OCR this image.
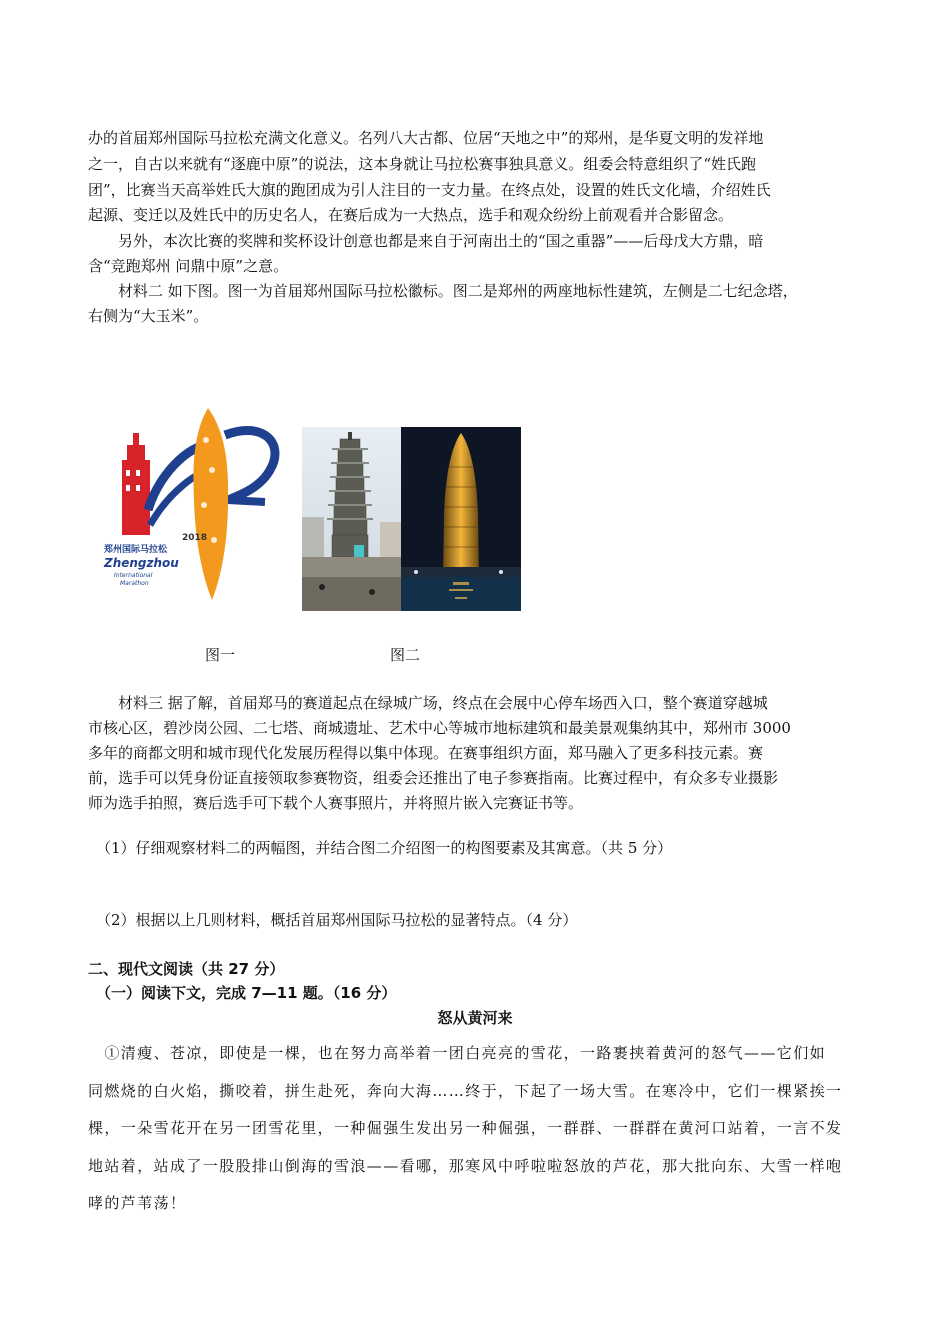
办的首届郑州国际马拉松充满文化意义。名列八大古都、位居“天地之中”的郑州，是华夏文明的发祥地
之一，自古以来就有“逐鹿中原”的说法，这本身就让马拉松赛事独具意义。组委会特意组织了“姓氏跑
团”，比赛当天高举姓氏大旗的跑团成为引人注目的一支力量。在终点处，设置的姓氏文化墙，介绍姓氏
起源、变迁以及姓氏中的历史名人，在赛后成为一大热点，选手和观众纷纷上前观看并合影留念。
　　另外，本次比赛的奖牌和奖杯设计创意也都是来自于河南出土的“国之重器”——后母戊大方鼎，暗
含“竞跑郑州 问鼎中原”之意。
　　材料二 如下图。图一为首届郑州国际马拉松徽标。图二是郑州的两座地标性建筑，左侧是二七纪念塔，
右侧为“大玉米”。
2018
郑州国际马拉松
Zhengzhou
International
Marathon
图一	图二
　　材料三 据了解，首届郑马的赛道起点在绿城广场，终点在会展中心停车场西入口，整个赛道穿越城
市核心区，碧沙岗公园、二七塔、商城遗址、艺术中心等城市地标建筑和最美景观集纳其中，郑州市 3000
多年的商都文明和城市现代化发展历程得以集中体现。在赛事组织方面，郑马融入了更多科技元素。赛
前，选手可以凭身份证直接领取参赛物资，组委会还推出了电子参赛指南。比赛过程中，有众多专业摄影
师为选手拍照，赛后选手可下载个人赛事照片，并将照片嵌入完赛证书等。
（1）仔细观察材料二的两幅图，并结合图二介绍图一的构图要素及其寓意。（共 5 分）
（2）根据以上几则材料，概括首届郑州国际马拉松的显著特点。（4 分）
二、现代文阅读（共 27 分）
（一）阅读下文，完成 7—11 题。（16 分）
怒从黄河来
　①清瘦、苍凉，即使是一棵，也在努力高举着一团白亮亮的雪花，一路裹挟着黄河的怒气——它们如
同燃烧的白火焰，撕咬着，拼生赴死，奔向大海……终于，下起了一场大雪。在寒冷中，它们一棵紧挨一
棵，一朵雪花开在另一团雪花里，一种倔强生发出另一种倔强，一群群、一群群在黄河口站着，一言不发
地站着，站成了一股股排山倒海的雪浪——看哪，那寒风中呼啦啦怒放的芦花，那大批向东、大雪一样咆
哮的芦苇荡！
